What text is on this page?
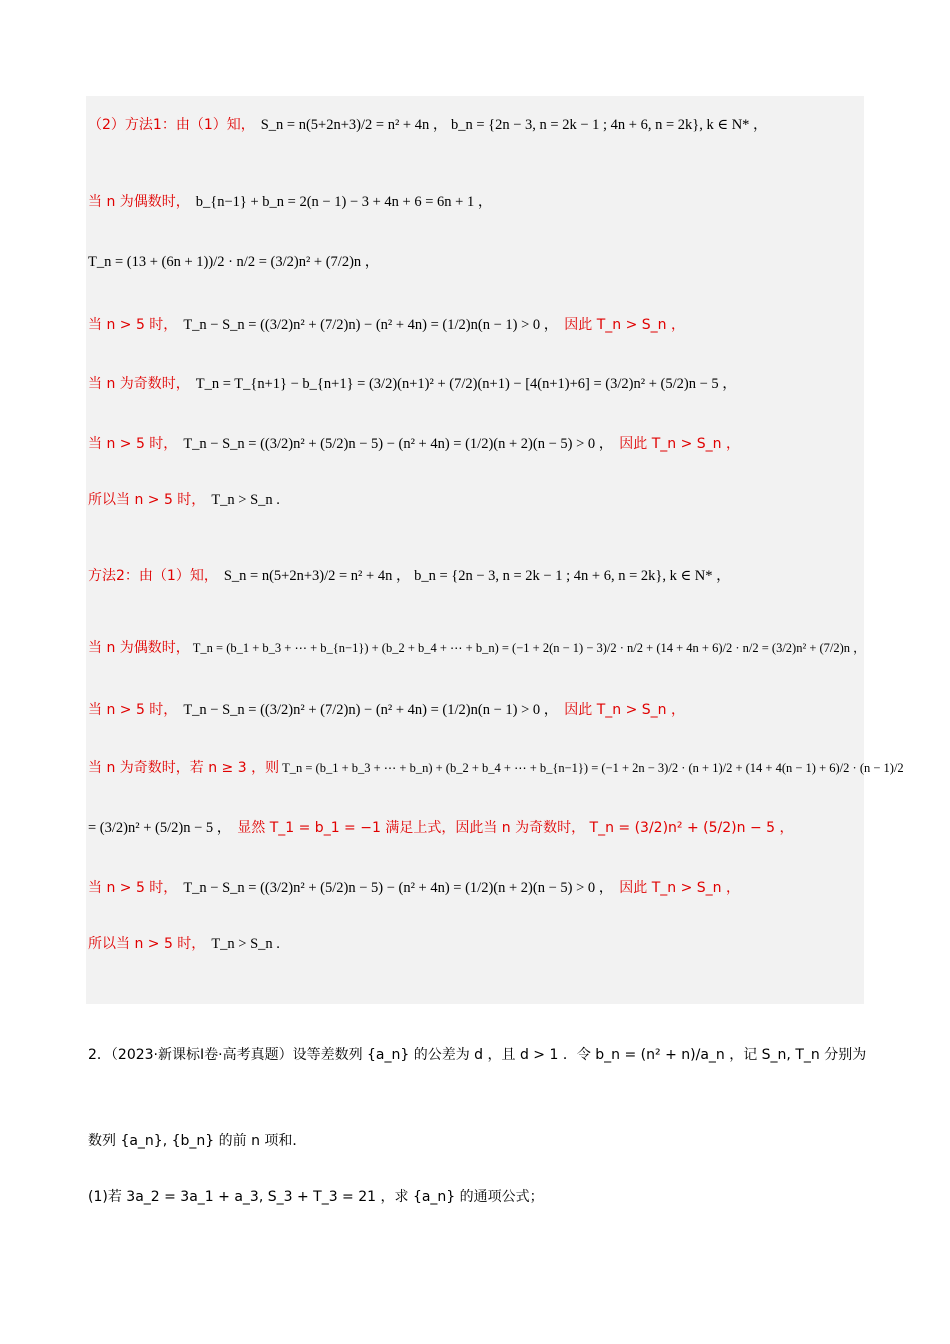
（2）方法1：由（1）知， S_n = n(5+2n+3)/2 = n² + 4n ， b_n = {2n − 3, n = 2k − 1 ; 4n + 6, n = 2k}, k ∈ N* ，
当 n 为偶数时， b_{n−1} + b_n = 2(n − 1) − 3 + 4n + 6 = 6n + 1 ，
T_n = (13 + (6n + 1))/2 · n/2 = (3/2)n² + (7/2)n ，
当 n > 5 时， T_n − S_n = ((3/2)n² + (7/2)n) − (n² + 4n) = (1/2)n(n − 1) > 0 ， 因此 T_n > S_n ，
当 n 为奇数时， T_n = T_{n+1} − b_{n+1} = (3/2)(n+1)² + (7/2)(n+1) − [4(n+1)+6] = (3/2)n² + (5/2)n − 5 ，
当 n > 5 时， T_n − S_n = ((3/2)n² + (5/2)n − 5) − (n² + 4n) = (1/2)(n + 2)(n − 5) > 0 ， 因此 T_n > S_n ，
所以当 n > 5 时， T_n > S_n .
方法2：由（1）知， S_n = n(5+2n+3)/2 = n² + 4n ， b_n = {2n − 3, n = 2k − 1 ; 4n + 6, n = 2k}, k ∈ N* ，
当 n 为偶数时， T_n = (b_1 + b_3 + ⋯ + b_{n−1}) + (b_2 + b_4 + ⋯ + b_n) = (−1 + 2(n − 1) − 3)/2 · n/2 + (14 + 4n + 6)/2 · n/2 = (3/2)n² + (7/2)n ，
当 n > 5 时， T_n − S_n = ((3/2)n² + (7/2)n) − (n² + 4n) = (1/2)n(n − 1) > 0 ， 因此 T_n > S_n ，
当 n 为奇数时，若 n ≥ 3 ，则 T_n = (b_1 + b_3 + ⋯ + b_n) + (b_2 + b_4 + ⋯ + b_{n−1}) = (−1 + 2n − 3)/2 · (n + 1)/2 + (14 + 4(n − 1) + 6)/2 · (n − 1)/2
= (3/2)n² + (5/2)n − 5 ， 显然 T_1 = b_1 = −1 满足上式，因此当 n 为奇数时， T_n = (3/2)n² + (5/2)n − 5 ，
当 n > 5 时， T_n − S_n = ((3/2)n² + (5/2)n − 5) − (n² + 4n) = (1/2)(n + 2)(n − 5) > 0 ， 因此 T_n > S_n ，
所以当 n > 5 时， T_n > S_n .
2．（2023·新课标Ⅰ卷·高考真题）设等差数列 {a_n} 的公差为 d ，且 d > 1 ．令 b_n = (n² + n)/a_n ，记 S_n, T_n 分别为
数列 {a_n}, {b_n} 的前 n 项和．
(1)若 3a_2 = 3a_1 + a_3, S_3 + T_3 = 21 ，求 {a_n} 的通项公式；
